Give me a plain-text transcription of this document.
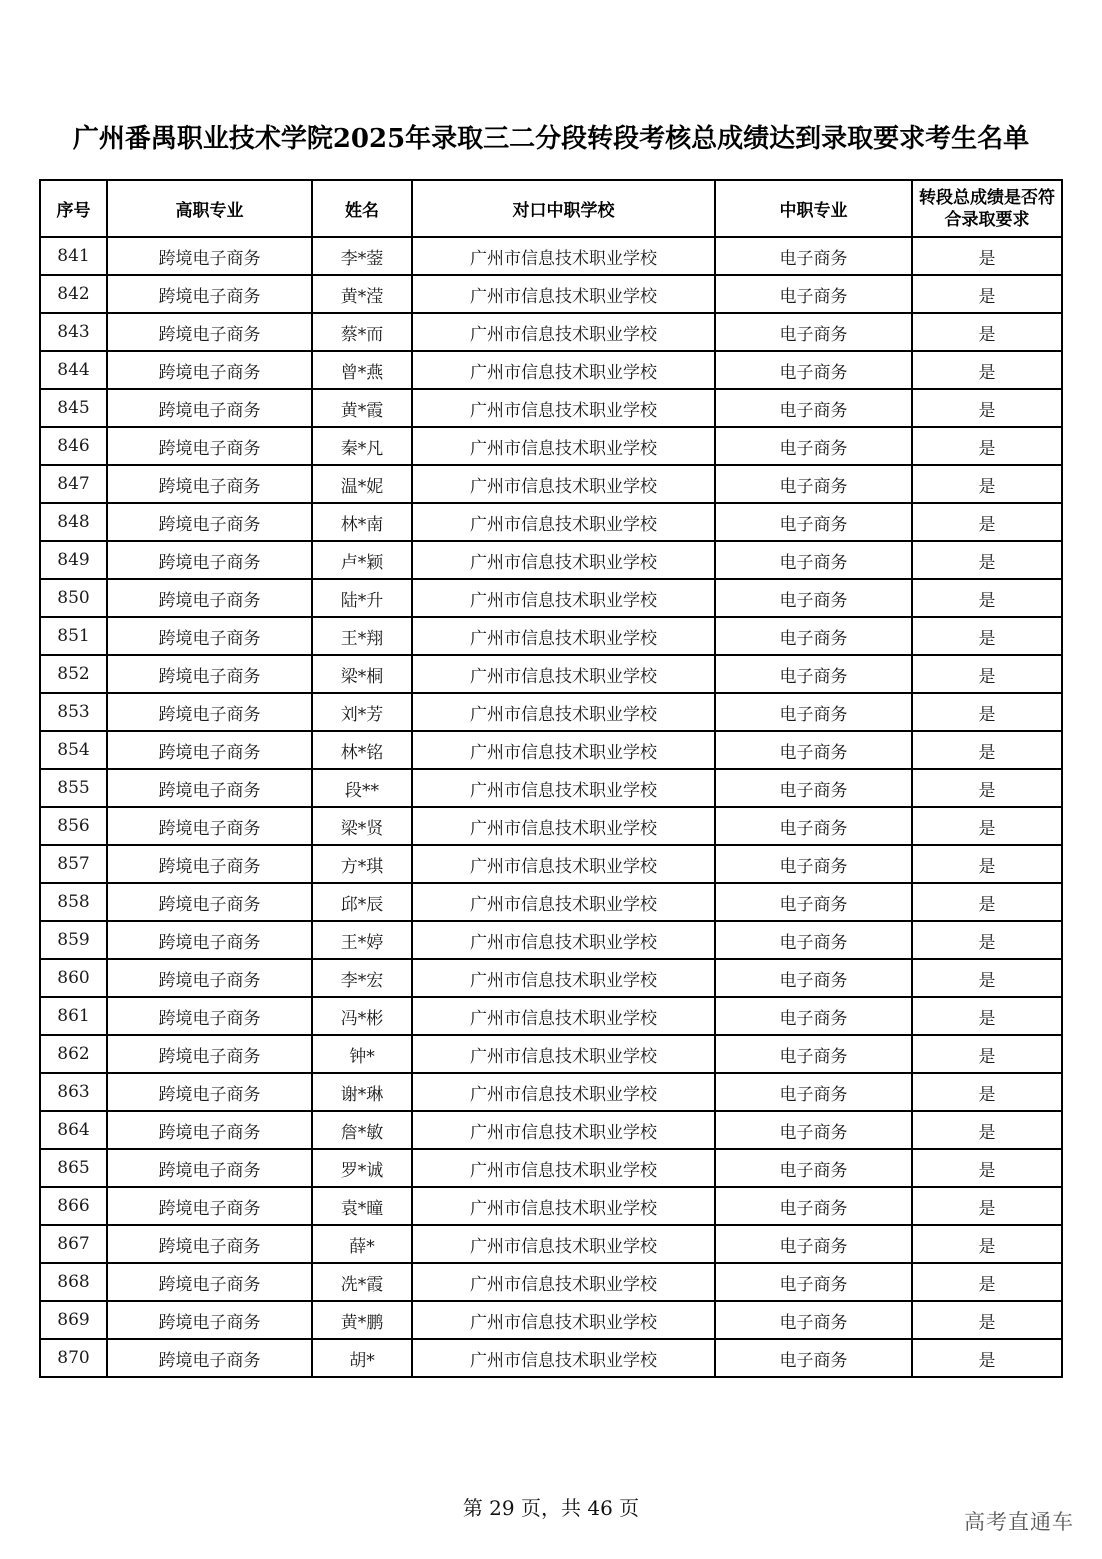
广州番禺职业技术学院2025年录取三二分段转段考核总成绩达到录取要求考生名单
序号	高职专业	姓名	对口中职学校	中职专业	转段总成绩是否符合录取要求
841	跨境电子商务	李*蓥	广州市信息技术职业学校	电子商务	是
842	跨境电子商务	黄*滢	广州市信息技术职业学校	电子商务	是
843	跨境电子商务	蔡*而	广州市信息技术职业学校	电子商务	是
844	跨境电子商务	曾*燕	广州市信息技术职业学校	电子商务	是
845	跨境电子商务	黄*霞	广州市信息技术职业学校	电子商务	是
846	跨境电子商务	秦*凡	广州市信息技术职业学校	电子商务	是
847	跨境电子商务	温*妮	广州市信息技术职业学校	电子商务	是
848	跨境电子商务	林*南	广州市信息技术职业学校	电子商务	是
849	跨境电子商务	卢*颖	广州市信息技术职业学校	电子商务	是
850	跨境电子商务	陆*升	广州市信息技术职业学校	电子商务	是
851	跨境电子商务	王*翔	广州市信息技术职业学校	电子商务	是
852	跨境电子商务	梁*桐	广州市信息技术职业学校	电子商务	是
853	跨境电子商务	刘*芳	广州市信息技术职业学校	电子商务	是
854	跨境电子商务	林*铭	广州市信息技术职业学校	电子商务	是
855	跨境电子商务	段**	广州市信息技术职业学校	电子商务	是
856	跨境电子商务	梁*贤	广州市信息技术职业学校	电子商务	是
857	跨境电子商务	方*琪	广州市信息技术职业学校	电子商务	是
858	跨境电子商务	邱*辰	广州市信息技术职业学校	电子商务	是
859	跨境电子商务	王*婷	广州市信息技术职业学校	电子商务	是
860	跨境电子商务	李*宏	广州市信息技术职业学校	电子商务	是
861	跨境电子商务	冯*彬	广州市信息技术职业学校	电子商务	是
862	跨境电子商务	钟*	广州市信息技术职业学校	电子商务	是
863	跨境电子商务	谢*琳	广州市信息技术职业学校	电子商务	是
864	跨境电子商务	詹*敏	广州市信息技术职业学校	电子商务	是
865	跨境电子商务	罗*诚	广州市信息技术职业学校	电子商务	是
866	跨境电子商务	袁*曈	广州市信息技术职业学校	电子商务	是
867	跨境电子商务	薛*	广州市信息技术职业学校	电子商务	是
868	跨境电子商务	冼*霞	广州市信息技术职业学校	电子商务	是
869	跨境电子商务	黄*鹏	广州市信息技术职业学校	电子商务	是
870	跨境电子商务	胡*	广州市信息技术职业学校	电子商务	是
第 29 页，共 46 页
高考直通车
